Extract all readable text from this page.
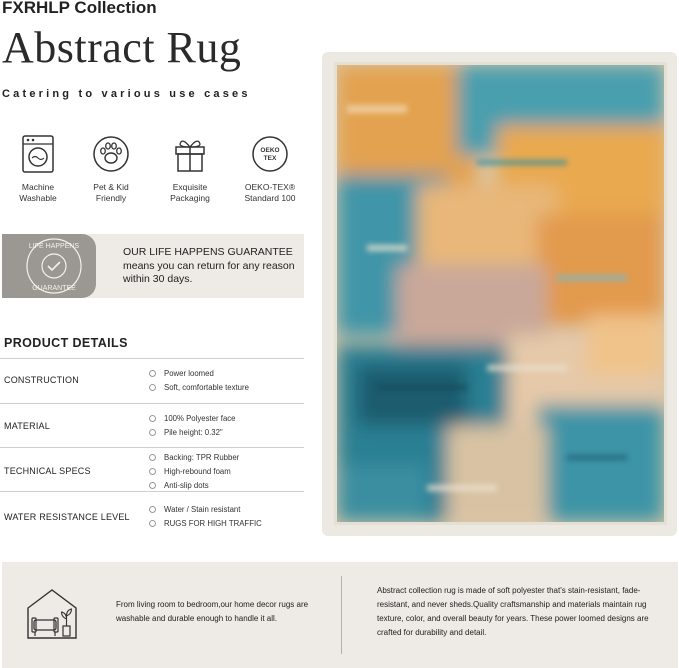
FXRHLP Collection
Abstract Rug
Catering to various use cases
Machine
Washable
Pet & Kid
Friendly
Exquisite
Packaging
OEKO
TEX
OEKO-TEX®
Standard 100
LIFE HAPPENS
GUARANTEE
OUR LIFE HAPPENS GUARANTEE means you can return for any reason within 30 days.
PRODUCT DETAILS
CONSTRUCTION
Power loomed
Soft, comfortable texture
MATERIAL
100% Polyester face
Pile height: 0.32"
TECHNICAL SPECS
Backing: TPR Rubber
High-rebound foam
Anti-slip dots
WATER RESISTANCE LEVEL
Water / Stain resistant
RUGS FOR HIGH TRAFFIC
From living room to bedroom,our home decor rugs are washable and durable enough to handle it all.
Abstract collection rug is made of soft polyester that's stain-resistant, fade-resistant, and never sheds.Quality craftsmanship and materials maintain rug texture, color, and overall beauty for years. These power loomed designs are crafted for durability and detail.
